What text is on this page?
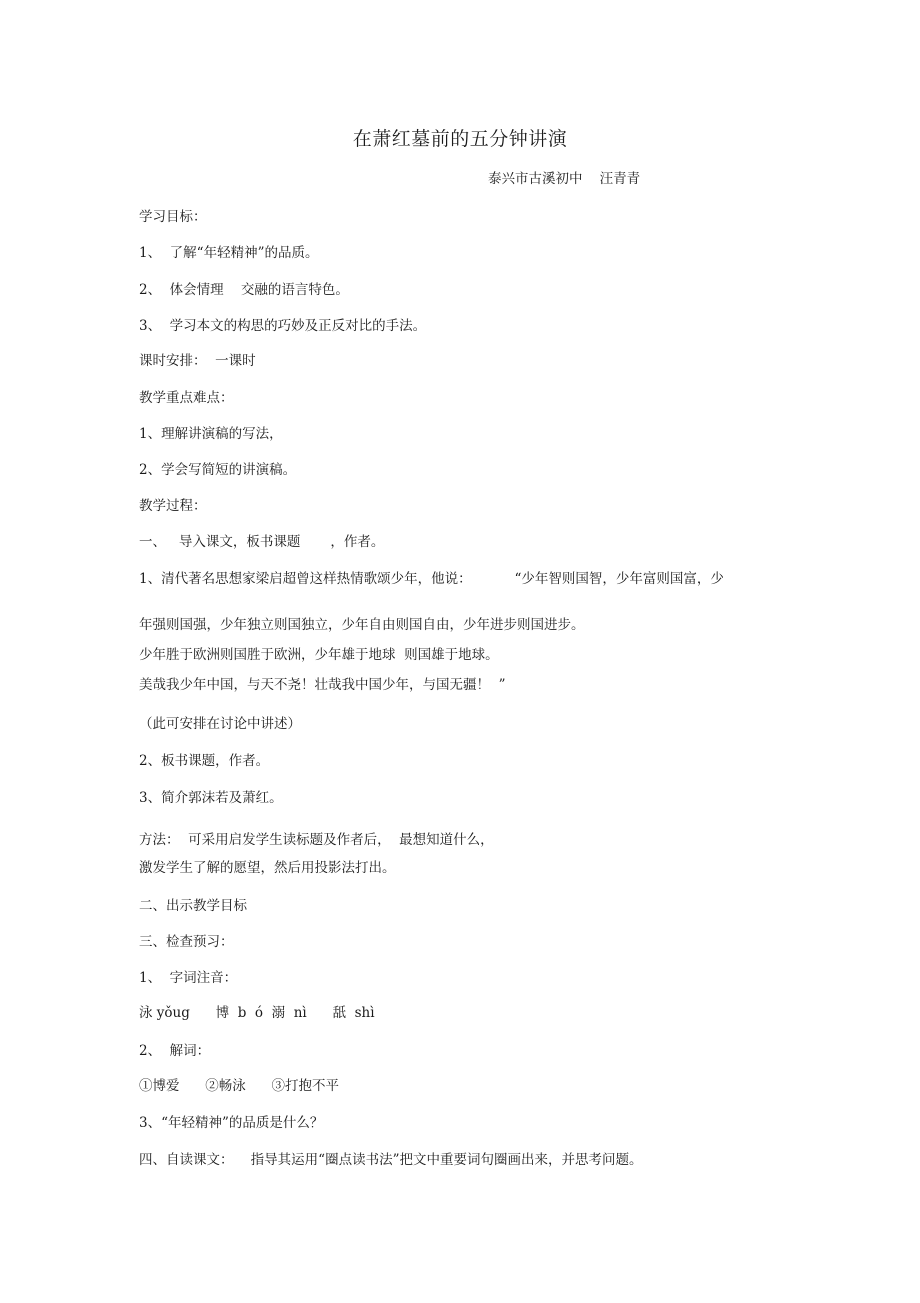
在萧红墓前的五分钟讲演
泰兴市古溪初中    汪青青
学习目标：
1、  了解“年轻精神”的品质。
2、  体会情理    交融的语言特色。
3、  学习本文的构思的巧妙及正反对比的手法。
课时安排：  一课时
教学重点难点：
1、理解讲演稿的写法，
2、学会写简短的讲演稿。
教学过程：
一、   导入课文，板书课题       ，作者。
1、清代著名思想家梁启超曾这样热情歌颂少年，他说：          “少年智则国智，少年富则国富，少
年强则国强，少年独立则国独立，少年自由则国自由，少年进步则国进步。
少年胜于欧洲则国胜于欧洲，少年雄于地球  则国雄于地球。
美哉我少年中国，与天不尧！壮哉我中国少年，与国无疆！  ”
（此可安排在讨论中讲述）
2、板书课题，作者。
3、简介郭沫若及萧红。
方法：  可采用启发学生读标题及作者后，  最想知道什么，
激发学生了解的愿望，然后用投影法打出。
二、出示教学目标
三、检查预习：
1、  字词注音：
泳 yǒug      博  b  ó  溺  nì      舐  shì
2、  解词：
①博爱      ②畅泳      ③打抱不平
3、“年轻精神”的品质是什么？
四、自读课文：    指导其运用“圈点读书法”把文中重要词句圈画出来，并思考问题。
